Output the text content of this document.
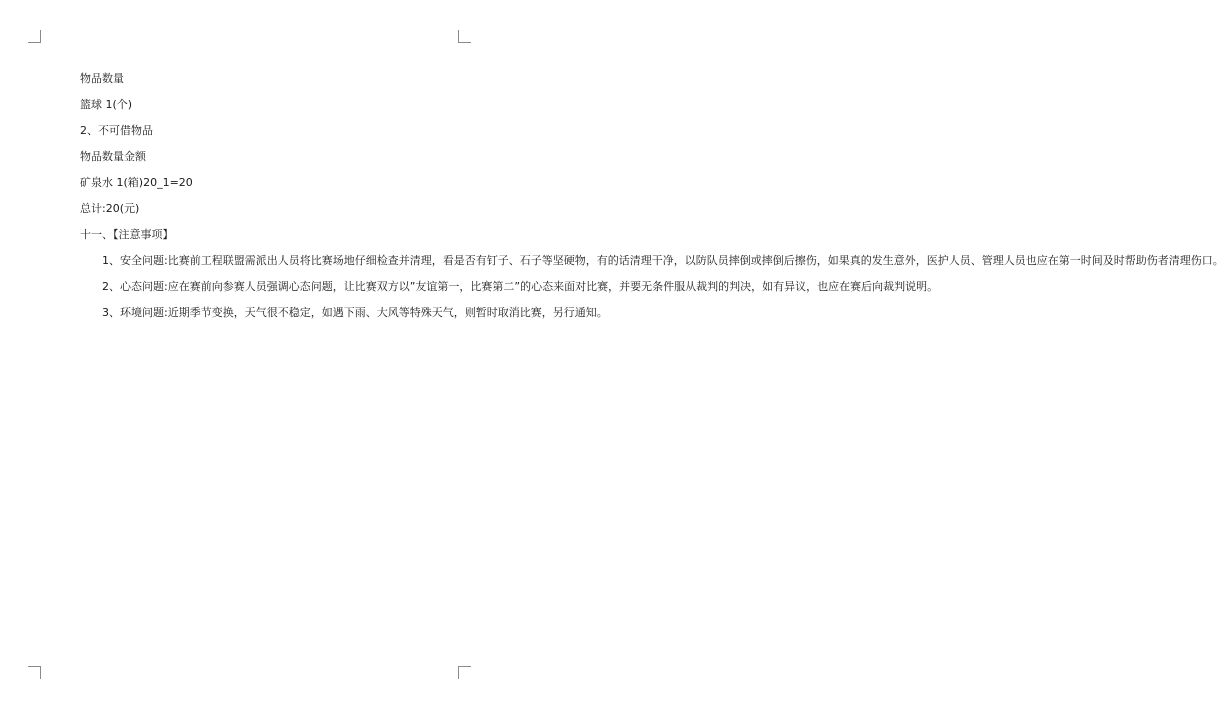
物品数量

篮球 1(个)

2、不可借物品

物品数量金额

矿泉水 1(箱)20_1=20

总计:20(元)

十一、【注意事项】

1、安全问题:比赛前工程联盟需派出人员将比赛场地仔细检查并清理，看是否有钉子、石子等坚硬物，有的话清理干净，以防队员摔倒或摔倒后擦伤，如果真的发生意外，医护人员、管理人员也应在第一时间及时帮助伤者清理伤口。

2、心态问题:应在赛前向参赛人员强调心态问题，让比赛双方以”友谊第一，比赛第二”的心态来面对比赛，并要无条件服从裁判的判决，如有异议，也应在赛后向裁判说明。

3、环境问题:近期季节变换，天气很不稳定，如遇下雨、大风等特殊天气，则暂时取消比赛，另行通知。
